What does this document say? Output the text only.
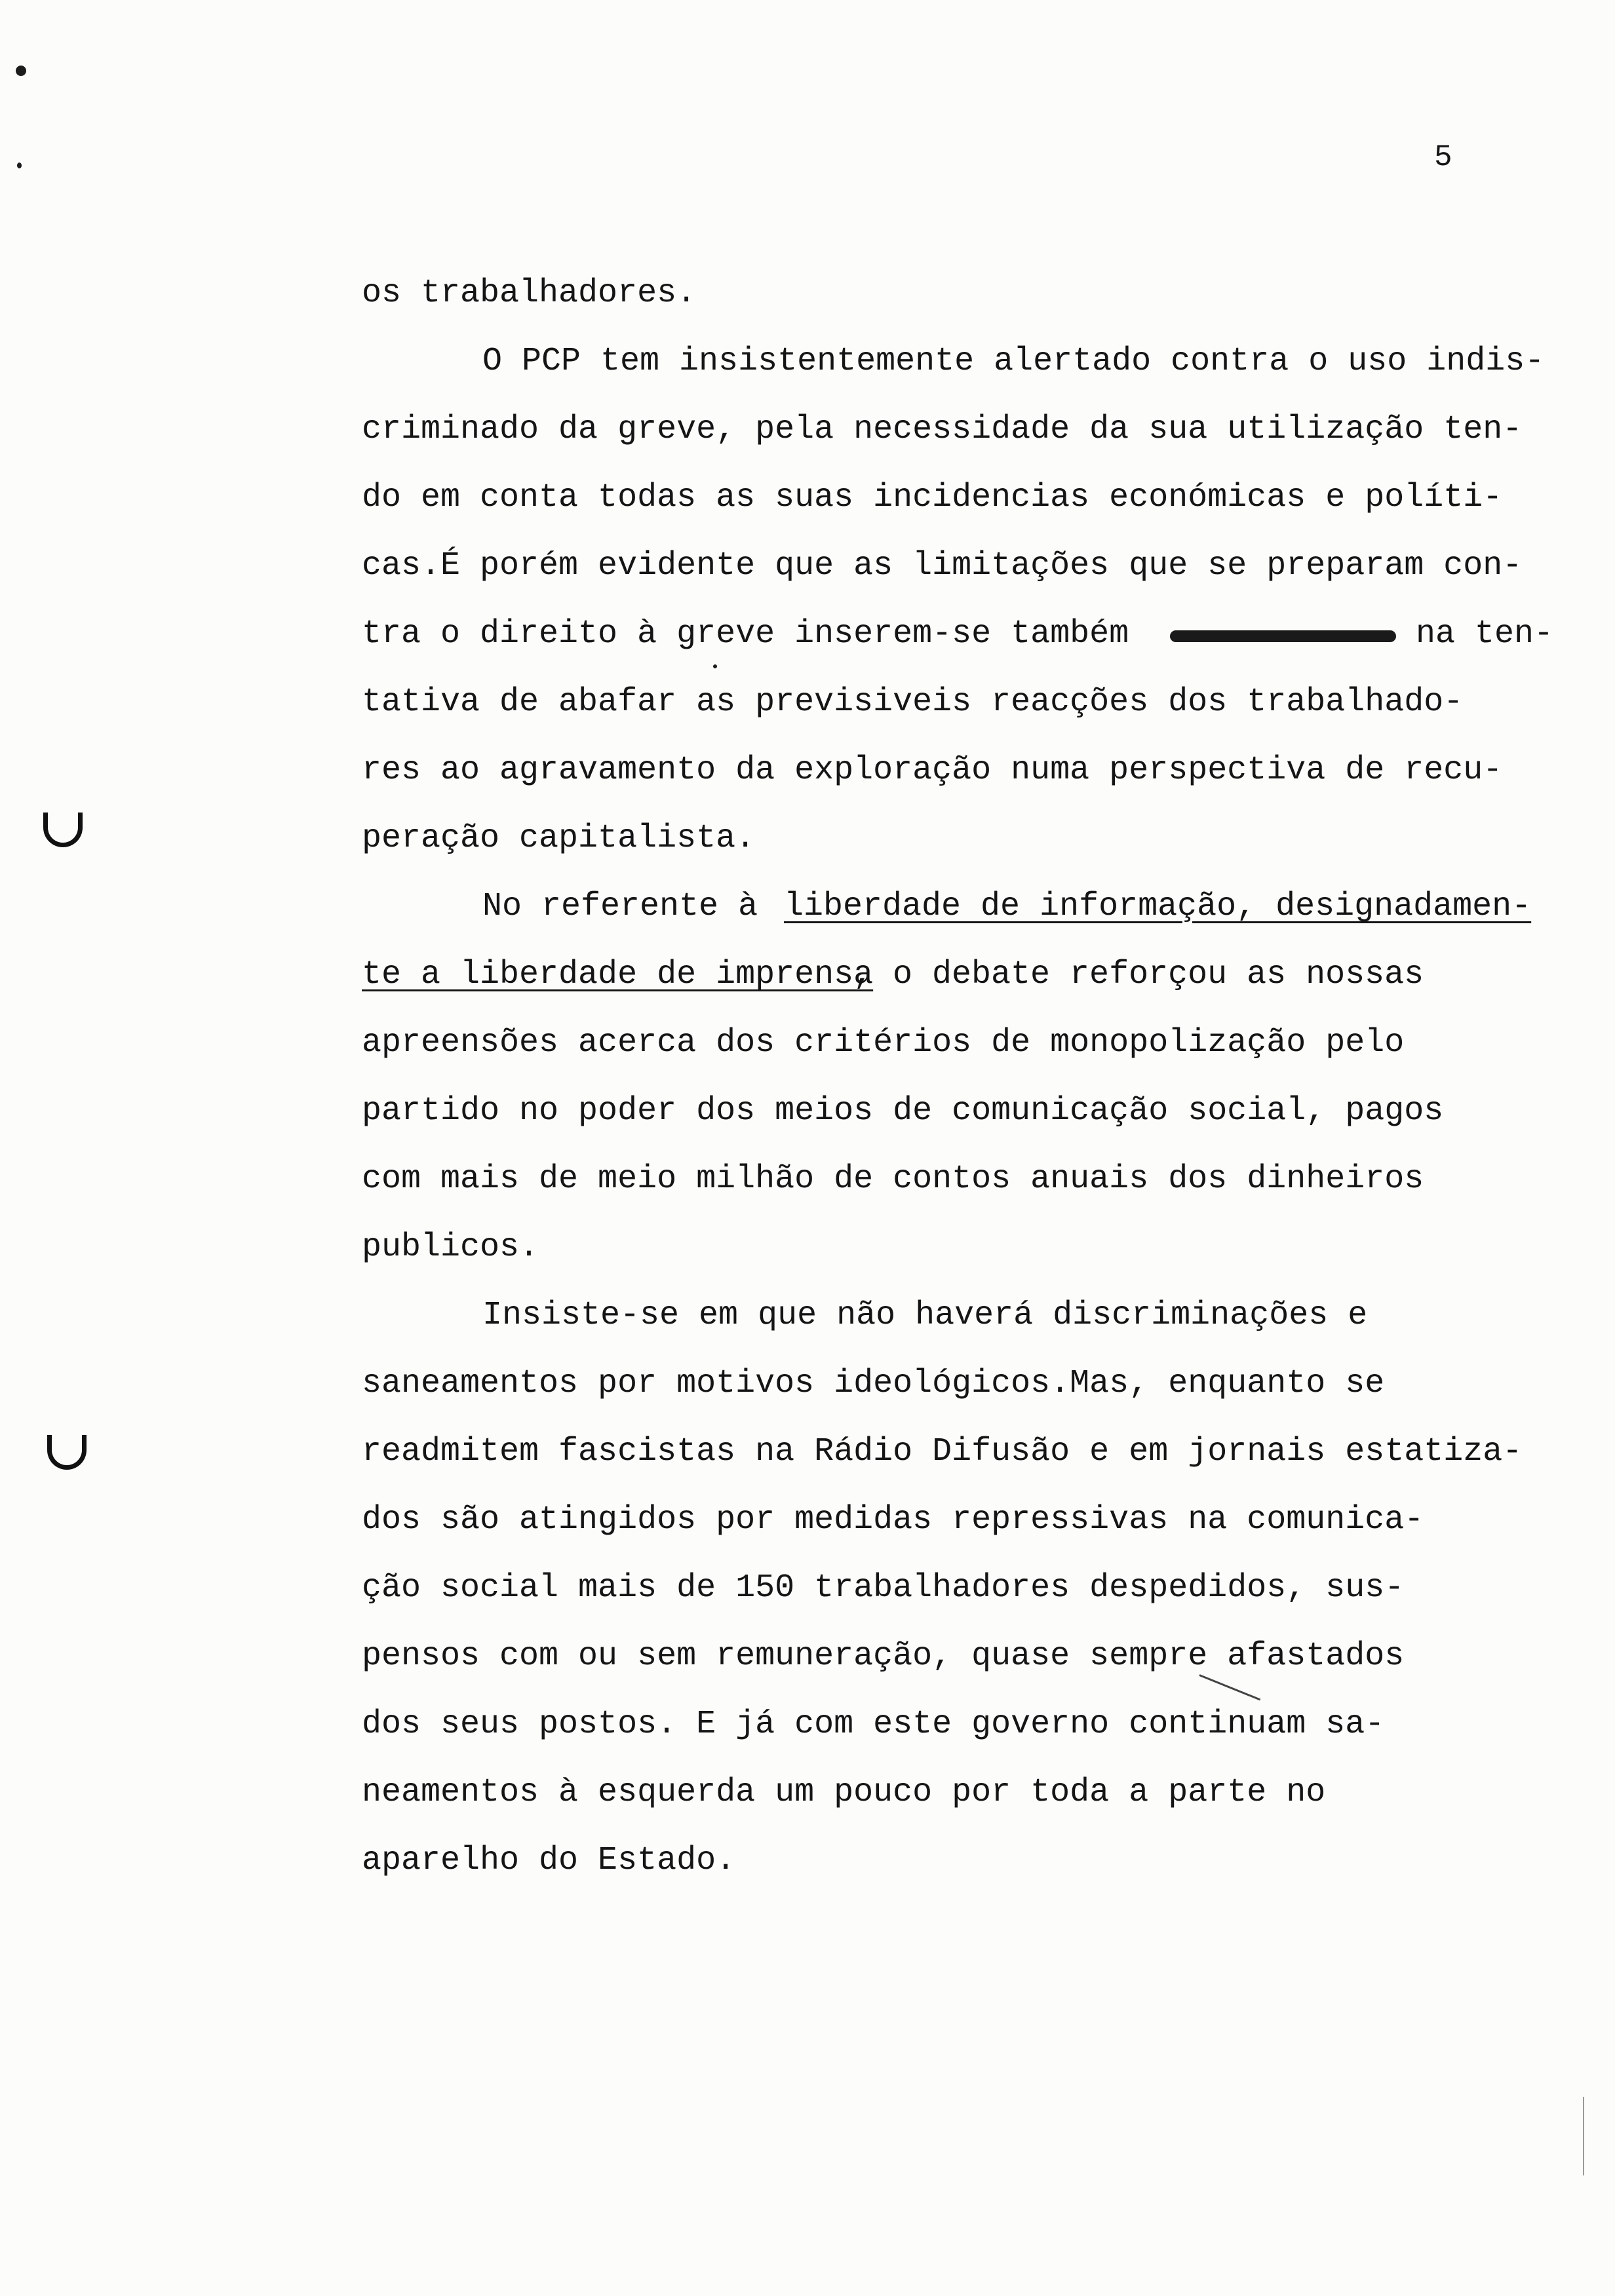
5

os trabalhadores.

O PCP tem insistentemente alertado contra o uso indis-

criminado da greve, pela necessidade da sua utilização ten-

do em conta todas as suas incidencias económicas e políti-

cas.É porém evidente que as limitações que se preparam con-

tra o direito à greve inserem-se também

	na ten-

tativa de abafar as previsiveis reacções dos trabalhado-

res ao agravamento da exploração numa perspectiva de recu-

peração capitalista.

No referente à

liberdade de informação, designadamen-

te a liberdade de imprensa

, o debate reforçou as nossas

apreensões acerca dos critérios de monopolização pelo

partido no poder dos meios de comunicação social, pagos

com mais de meio milhão de contos anuais dos dinheiros

publicos.

Insiste-se em que não haverá discriminações e

saneamentos por motivos ideológicos.Mas, enquanto se

readmitem fascistas na Rádio Difusão e em jornais estatiza-

dos são atingidos por medidas repressivas na comunica-

ção social mais de 150 trabalhadores despedidos, sus-

pensos com ou sem remuneração, quase sempre afastados

dos seus postos. E já com este governo continuam sa-

neamentos à esquerda um pouco por toda a parte no

aparelho do Estado.
